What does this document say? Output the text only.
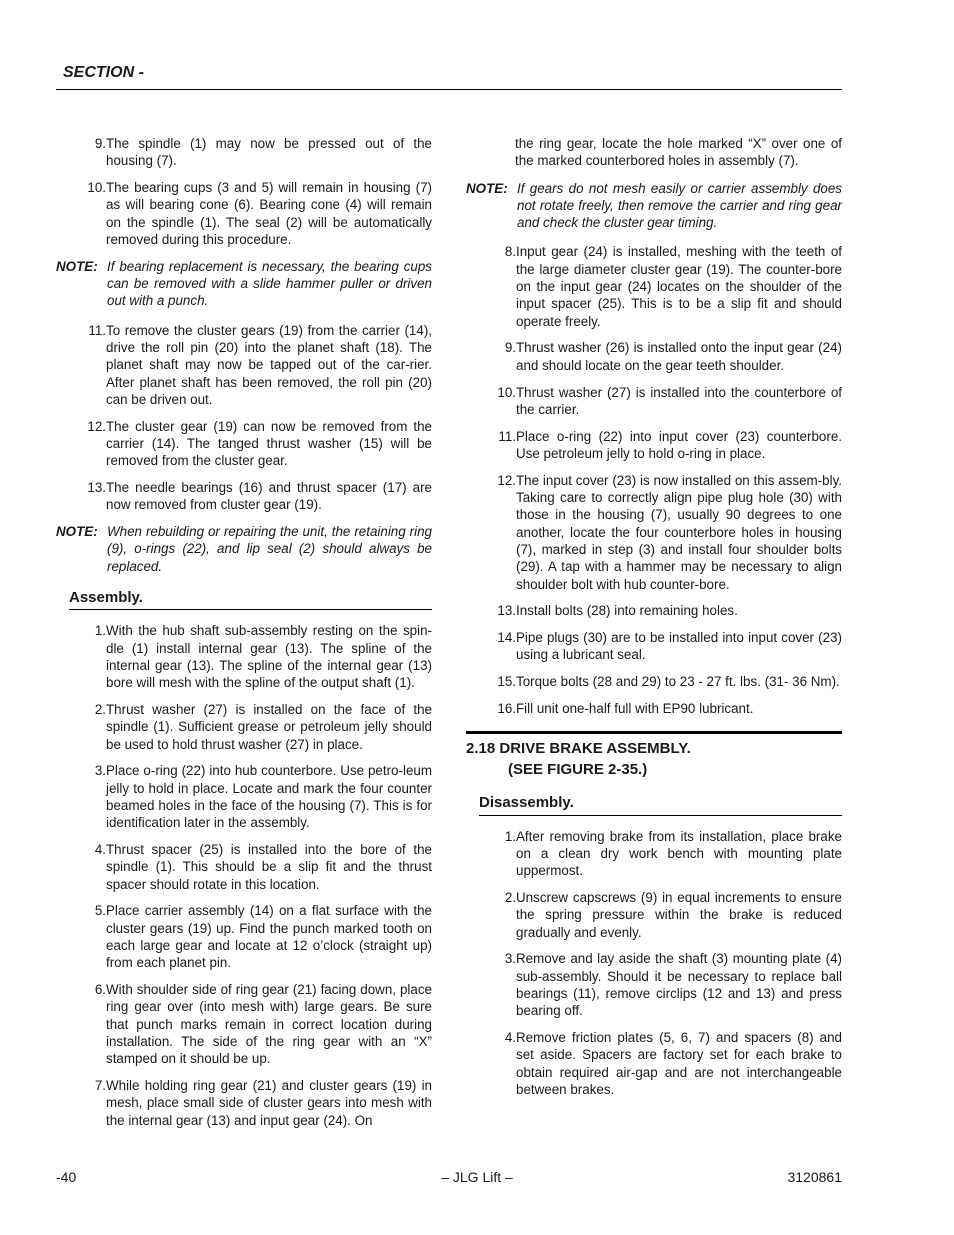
SECTION -
9. The spindle (1) may now be pressed out of the housing (7).
10. The bearing cups (3 and 5) will remain in housing (7) as will bearing cone (6). Bearing cone (4) will remain on the spindle (1). The seal (2) will be automatically removed during this procedure.
NOTE: If bearing replacement is necessary, the bearing cups can be removed with a slide hammer puller or driven out with a punch.
11. To remove the cluster gears (19) from the carrier (14), drive the roll pin (20) into the planet shaft (18). The planet shaft may now be tapped out of the car-rier. After planet shaft has been removed, the roll pin (20) can be driven out.
12. The cluster gear (19) can now be removed from the carrier (14). The tanged thrust washer (15) will be removed from the cluster gear.
13. The needle bearings (16) and thrust spacer (17) are now removed from cluster gear (19).
NOTE: When rebuilding or repairing the unit, the retaining ring (9), o-rings (22), and lip seal (2) should always be replaced.
Assembly.
1. With the hub shaft sub-assembly resting on the spin-dle (1) install internal gear (13). The spline of the internal gear (13). The spline of the internal gear (13) bore will mesh with the spline of the output shaft (1).
2. Thrust washer (27) is installed on the face of the spindle (1). Sufficient grease or petroleum jelly should be used to hold thrust washer (27) in place.
3. Place o-ring (22) into hub counterbore. Use petro-leum jelly to hold in place. Locate and mark the four counter beamed holes in the face of the housing (7). This is for identification later in the assembly.
4. Thrust spacer (25) is installed into the bore of the spindle (1). This should be a slip fit and the thrust spacer should rotate in this location.
5. Place carrier assembly (14) on a flat surface with the cluster gears (19) up. Find the punch marked tooth on each large gear and locate at 12 o’clock (straight up) from each planet pin.
6. With shoulder side of ring gear (21) facing down, place ring gear over (into mesh with) large gears. Be sure that punch marks remain in correct location during installation. The side of the ring gear with an “X” stamped on it should be up.
7. While holding ring gear (21) and cluster gears (19) in mesh, place small side of cluster gears into mesh with the internal gear (13) and input gear (24). On
the ring gear, locate the hole marked “X” over one of the marked counterbored holes in assembly (7).
NOTE: If gears do not mesh easily or carrier assembly does not rotate freely, then remove the carrier and ring gear and check the cluster gear timing.
8. Input gear (24) is installed, meshing with the teeth of the large diameter cluster gear (19). The counter-bore on the input gear (24) locates on the shoulder of the input spacer (25). This is to be a slip fit and should operate freely.
9. Thrust washer (26) is installed onto the input gear (24) and should locate on the gear teeth shoulder.
10. Thrust washer (27) is installed into the counterbore of the carrier.
11. Place o-ring (22) into input cover (23) counterbore. Use petroleum jelly to hold o-ring in place.
12. The input cover (23) is now installed on this assem-bly. Taking care to correctly align pipe plug hole (30) with those in the housing (7), usually 90 degrees to one another, locate the four counterbore holes in housing (7), marked in step (3) and install four shoulder bolts (29). A tap with a hammer may be necessary to align shoulder bolt with hub counter-bore.
13. Install bolts (28) into remaining holes.
14. Pipe plugs (30) are to be installed into input cover (23) using a lubricant seal.
15. Torque bolts (28 and 29) to 23 - 27 ft. lbs. (31- 36 Nm).
16. Fill unit one-half full with EP90 lubricant.
2.18 DRIVE BRAKE ASSEMBLY.
(SEE FIGURE 2-35.)
Disassembly.
1. After removing brake from its installation, place brake on a clean dry work bench with mounting plate uppermost.
2. Unscrew capscrews (9) in equal increments to ensure the spring pressure within the brake is reduced gradually and evenly.
3. Remove and lay aside the shaft (3) mounting plate (4) sub-assembly. Should it be necessary to replace ball bearings (11), remove circlips (12 and 13) and press bearing off.
4. Remove friction plates (5, 6, 7) and spacers (8) and set aside. Spacers are factory set for each brake to obtain required air-gap and are not interchangeable between brakes.
-40	– JLG Lift –	3120861
